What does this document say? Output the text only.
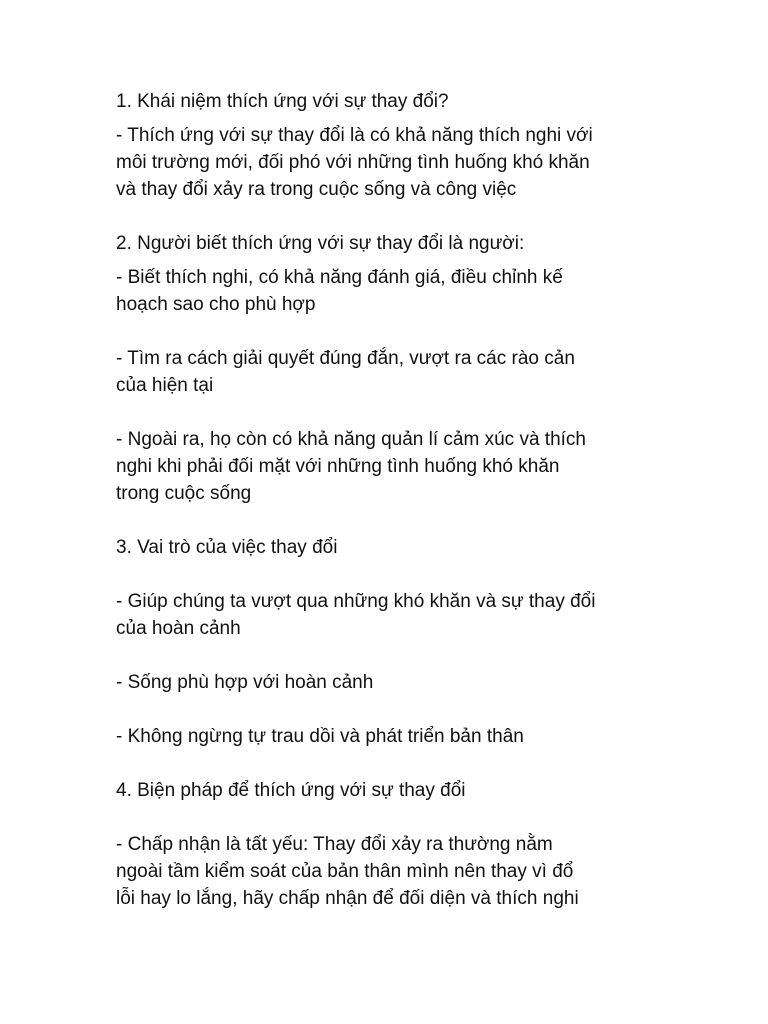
1. Khái niệm thích ứng với sự thay đổi?

- Thích ứng với sự thay đổi là có khả năng thích nghi với
môi trường mới, đối phó với những tình huống khó khăn
và thay đổi xảy ra trong cuộc sống và công việc

2. Người biết thích ứng với sự thay đổi là người:

- Biết thích nghi, có khả năng đánh giá, điều chỉnh kế
hoạch sao cho phù hợp

- Tìm ra cách giải quyết đúng đắn, vượt ra các rào cản
của hiện tại

- Ngoài ra, họ còn có khả năng quản lí cảm xúc và thích
nghi khi phải đối mặt với những tình huống khó khăn
trong cuộc sống

3. Vai trò của việc thay đổi

- Giúp chúng ta vượt qua những khó khăn và sự thay đổi
của hoàn cảnh

- Sống phù hợp với hoàn cảnh

- Không ngừng tự trau dồi và phát triển bản thân

4. Biện pháp để thích ứng với sự thay đổi

- Chấp nhận là tất yếu: Thay đổi xảy ra thường nằm
ngoài tầm kiểm soát của bản thân mình nên thay vì đổ
lỗi hay lo lắng, hãy chấp nhận để đối diện và thích nghi
